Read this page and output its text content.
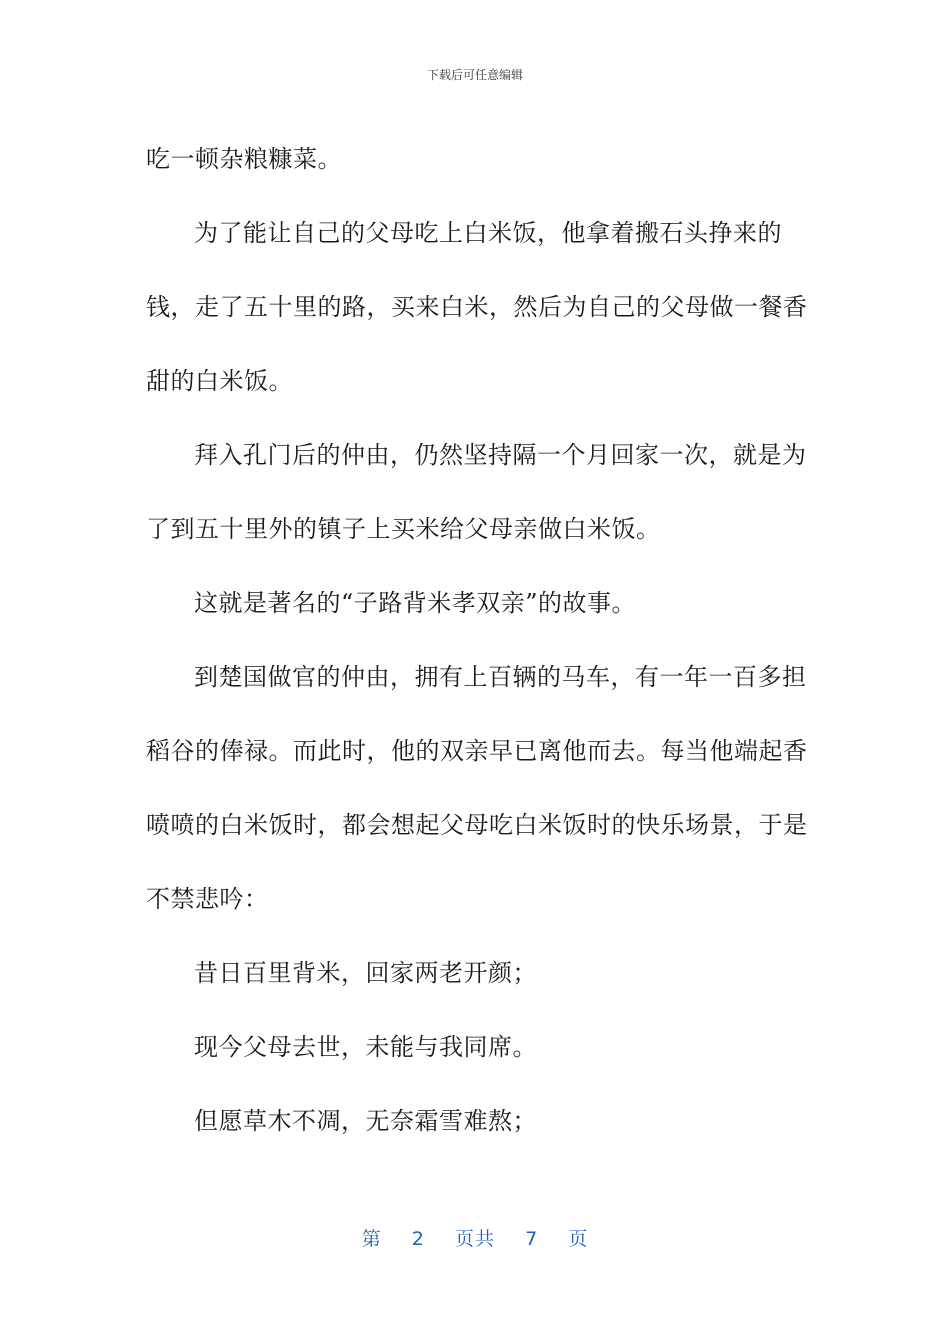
下载后可任意编辑

吃一顿杂粮糠菜。

为了能让自己的父母吃上白米饭，他拿着搬石头挣来的钱，走了五十里的路，买来白米，然后为自己的父母做一餐香甜的白米饭。

拜入孔门后的仲由，仍然坚持隔一个月回家一次，就是为了到五十里外的镇子上买米给父母亲做白米饭。

这就是著名的“子路背米孝双亲”的故事。

到楚国做官的仲由，拥有上百辆的马车，有一年一百多担稻谷的俸禄。而此时，他的双亲早已离他而去。每当他端起香喷喷的白米饭时，都会想起父母吃白米饭时的快乐场景，于是不禁悲吟：

昔日百里背米，回家两老开颜；

现今父母去世，未能与我同席。

但愿草木不凋，无奈霜雪难熬；

第 2 页共 7 页
